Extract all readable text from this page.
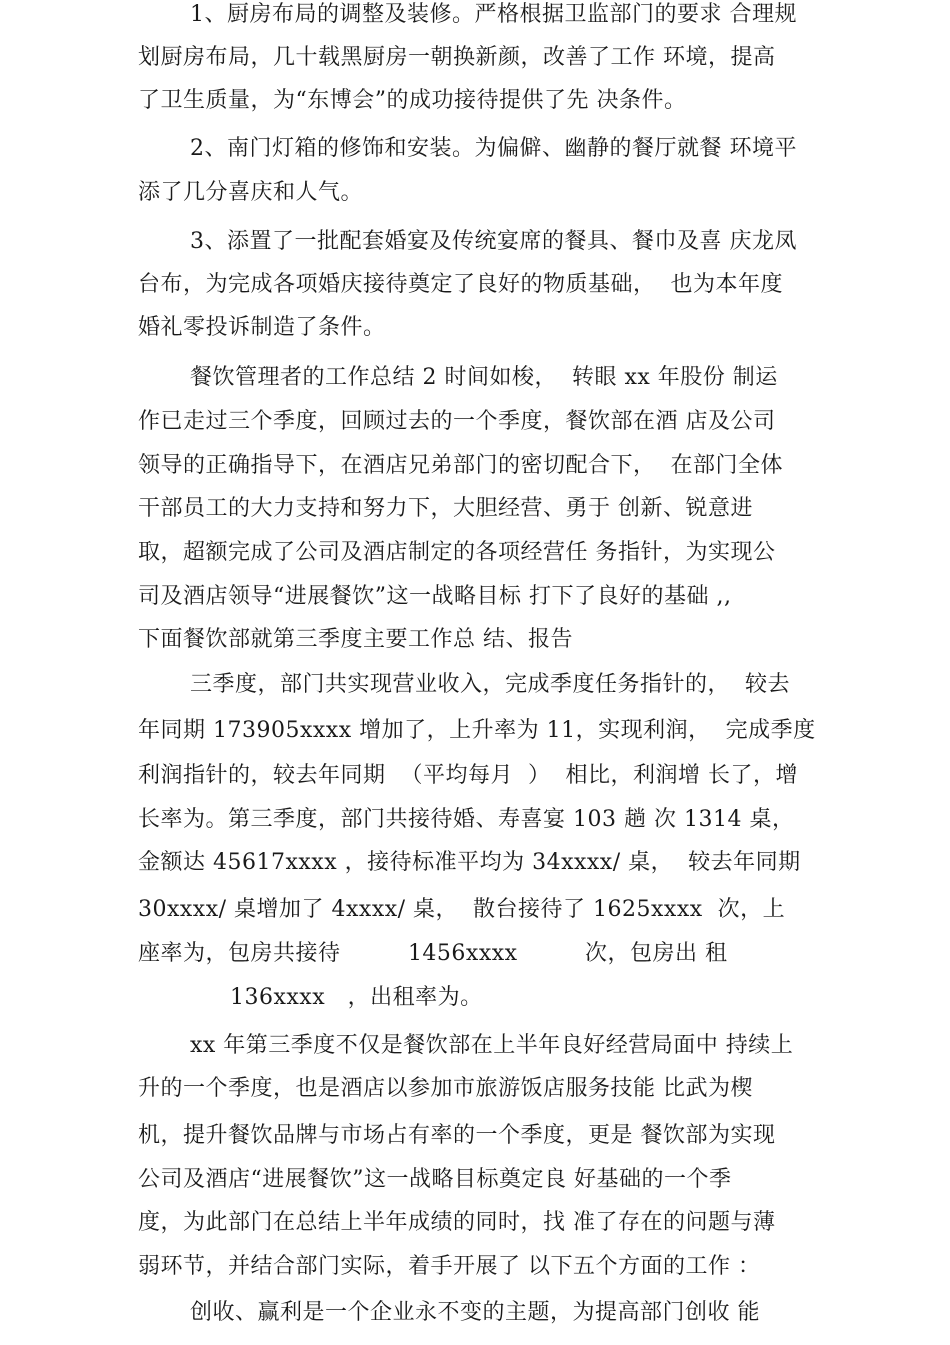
1、厨房布局的调整及装修。严格根据卫监部门的要求 合理规
划厨房布局，几十载黑厨房一朝换新颜，改善了工作 环境，提高
了卫生质量，为“东博会”的成功接待提供了先 决条件。
2、南门灯箱的修饰和安装。为偏僻、幽静的餐厅就餐 环境平
添了几分喜庆和人气。
3、添置了一批配套婚宴及传统宴席的餐具、餐巾及喜 庆龙凤
台布，为完成各项婚庆接待奠定了良好的物质基础，  也为本年度
婚礼零投诉制造了条件。
餐饮管理者的工作总结 2 时间如梭，  转眼 xx 年股份 制运
作已走过三个季度，回顾过去的一个季度，餐饮部在酒 店及公司
领导的正确指导下，在酒店兄弟部门的密切配合下，  在部门全体
干部员工的大力支持和努力下，大胆经营、勇于 创新、锐意进
取，超额完成了公司及酒店制定的各项经营任 务指针，为实现公
司及酒店领导“进展餐饮”这一战略目标 打下了良好的基础 ,,
下面餐饮部就第三季度主要工作总 结、报告
三季度，部门共实现营业收入，完成季度任务指针的，  较去
年同期 173905xxxx 增加了，上升率为 11，实现利润，  完成季度
利润指针的，较去年同期  （平均每月  ）  相比，利润增 长了，增
长率为。第三季度，部门共接待婚、寿喜宴 103 趟 次 1314 桌，
金额达 45617xxxx ，接待标准平均为 34xxxx/ 桌，  较去年同期
30xxxx/ 桌增加了 4xxxx/ 桌，  散台接待了 1625xxxx  次，上
座率为，包房共接待         1456xxxx         次，包房出 租
136xxxx   ，出租率为。
xx 年第三季度不仅是餐饮部在上半年良好经营局面中 持续上
升的一个季度，也是酒店以参加市旅游饭店服务技能 比武为楔
机，提升餐饮品牌与市场占有率的一个季度，更是 餐饮部为实现
公司及酒店“进展餐饮”这一战略目标奠定良 好基础的一个季
度，为此部门在总结上半年成绩的同时，找 准了存在的问题与薄
弱环节，并结合部门实际，着手开展了 以下五个方面的工作 ：
创收、赢利是一个企业永不变的主题，为提高部门创收 能
